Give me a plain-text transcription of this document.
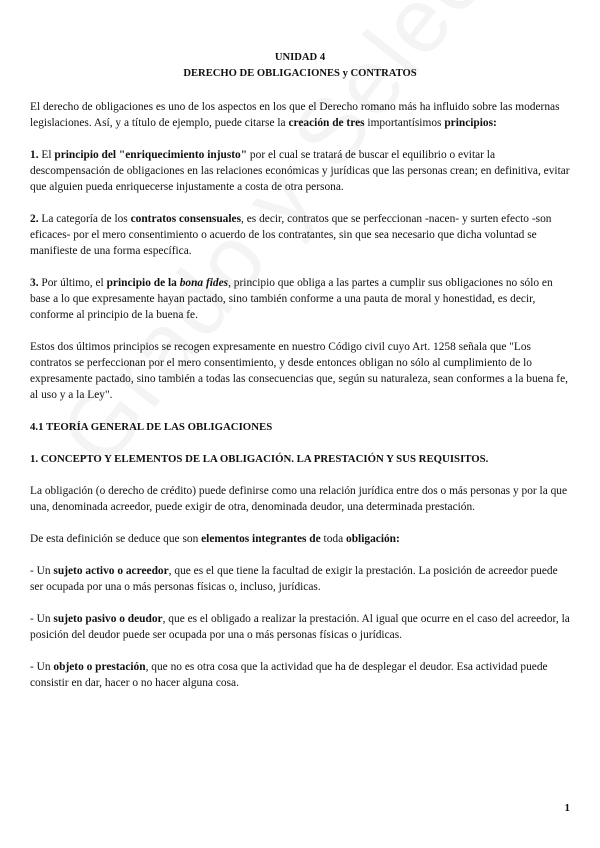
UNIDAD 4
DERECHO DE OBLIGACIONES y CONTRATOS

El derecho de obligaciones es uno de los aspectos en los que el Derecho romano más ha influido sobre las modernas legislaciones. Así, y a título de ejemplo, puede citarse la creación de tres importantísimos principios:

1. El principio del "enriquecimiento injusto" por el cual se tratará de buscar el equilibrio o evitar la descompensación de obligaciones en las relaciones económicas y jurídicas que las personas crean; en definitiva, evitar que alguien pueda enriquecerse injustamente a costa de otra persona.

2. La categoría de los contratos consensuales, es decir, contratos que se perfeccionan -nacen- y surten efecto -son eficaces- por el mero consentimiento o acuerdo de los contratantes, sin que sea necesario que dicha voluntad se manifieste de una forma específica.

3. Por último, el principio de la bona fides, principio que obliga a las partes a cumplir sus obligaciones no sólo en base a lo que expresamente hayan pactado, sino también conforme a una pauta de moral y honestidad, es decir, conforme al principio de la buena fe.

Estos dos últimos principios se recogen expresamente en nuestro Código civil cuyo Art. 1258 señala que "Los contratos se perfeccionan por el mero consentimiento, y desde entonces obligan no sólo al cumplimiento de lo expresamente pactado, sino también a todas las consecuencias que, según su naturaleza, sean conformes a la buena fe, al uso y a la Ley".

4.1 TEORÍA GENERAL DE LAS OBLIGACIONES
1. CONCEPTO Y ELEMENTOS DE LA OBLIGACIÓN. LA PRESTACIÓN Y SUS REQUISITOS.

La obligación (o derecho de crédito) puede definirse como una relación jurídica entre dos o más personas y por la que una, denominada acreedor, puede exigir de otra, denominada deudor, una determinada prestación.

De esta definición se deduce que son elementos integrantes de toda obligación:

- Un sujeto activo o acreedor, que es el que tiene la facultad de exigir la prestación. La posición de acreedor puede ser ocupada por una o más personas físicas o, incluso, jurídicas.

- Un sujeto pasivo o deudor, que es el obligado a realizar la prestación. Al igual que ocurre en el caso del acreedor, la posición del deudor puede ser ocupada por una o más personas físicas o jurídicas.

- Un objeto o prestación, que no es otra cosa que la actividad que ha de desplegar el deudor. Esa actividad puede consistir en dar, hacer o no hacer alguna cosa.

1
